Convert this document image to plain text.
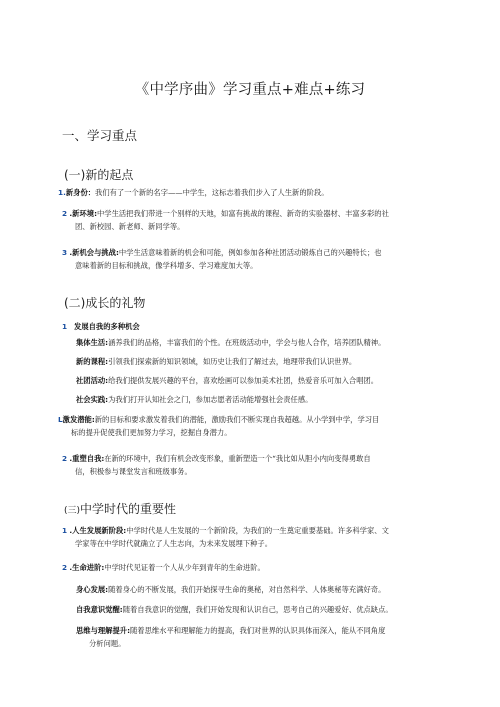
《中学序曲》学习重点+难点+练习
一、学习重点
(一)新的起点
1.新身份：我们有了一个新的名字——中学生，这标志着我们步入了人生新的阶段。
2 .新环境:中学生活把我们带进一个别样的天地，如富有挑战的课程、新奇的实验器材、丰富多彩的社
团、新校园、新老师、新同学等。
3 .新机会与挑战:中学生活意味着新的机会和可能，例如参加各种社团活动锻炼自己的兴趣特长；也
意味着新的目标和挑战，像学科增多、学习难度加大等。
(二)成长的礼物
1 发展自我的多种机会
集体生活:涵养我们的品格，丰富我们的个性。在班级活动中，学会与他人合作，培养团队精神。
新的课程:引领我们探索新的知识领域，如历史让我们了解过去，地理带我们认识世界。
社团活动:给我们提供发展兴趣的平台，喜欢绘画可以参加美术社团，热爱音乐可加入合唱团。
社会实践:为我们打开认知社会之门，参加志愿者活动能增强社会责任感。
L激发潜能:新的目标和要求激发着我们的潜能，激励我们不断实现自我超越。从小学到中学，学习目
标的提升促使我们更加努力学习，挖掘自身潜力。
2 .重塑自我:在新的环境中，我们有机会改变形象，重新塑造一个“我比如从胆小内向变得勇敢自
信，积极参与课堂发言和班级事务。
(三)中学时代的重要性
1 .人生发展新阶段:中学时代是人生发展的一个新阶段，为我们的一生奠定重要基础。许多科学家、文
学家等在中学时代就确立了人生志向，为未来发展埋下种子。
2 .生命进阶:中学时代见证着一个人从少年到青年的生命进阶。
身心发展:随着身心的不断发展，我们开始探寻生命的奥秘，对自然科学、人体奥秘等充满好奇。
自我意识觉醒:随着自我意识的觉醒，我们开始发现和认识自己，思考自己的兴趣爱好、优点缺点。
思维与理解提升:随着思维水平和理解能力的提高，我们对世界的认识具体而深入，能从不同角度
分析问题。
